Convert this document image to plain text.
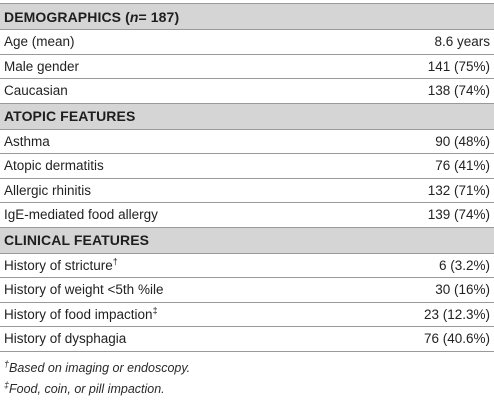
DEMOGRAPHICS ( n = 187)
Age (mean)	8.6 years
Male gender	141 (75%)
Caucasian	138 (74%)
ATOPIC FEATURES
Asthma	90 (48%)
Atopic dermatitis	76 (41%)
Allergic rhinitis	132 (71%)
IgE-mediated food allergy	139 (74%)
CLINICAL FEATURES
History of stricture†	6 (3.2%)
History of weight <5th %ile	30 (16%)
History of food impaction‡	23 (12.3%)
History of dysphagia	76 (40.6%)
†Based on imaging or endoscopy.
‡Food, coin, or pill impaction.
